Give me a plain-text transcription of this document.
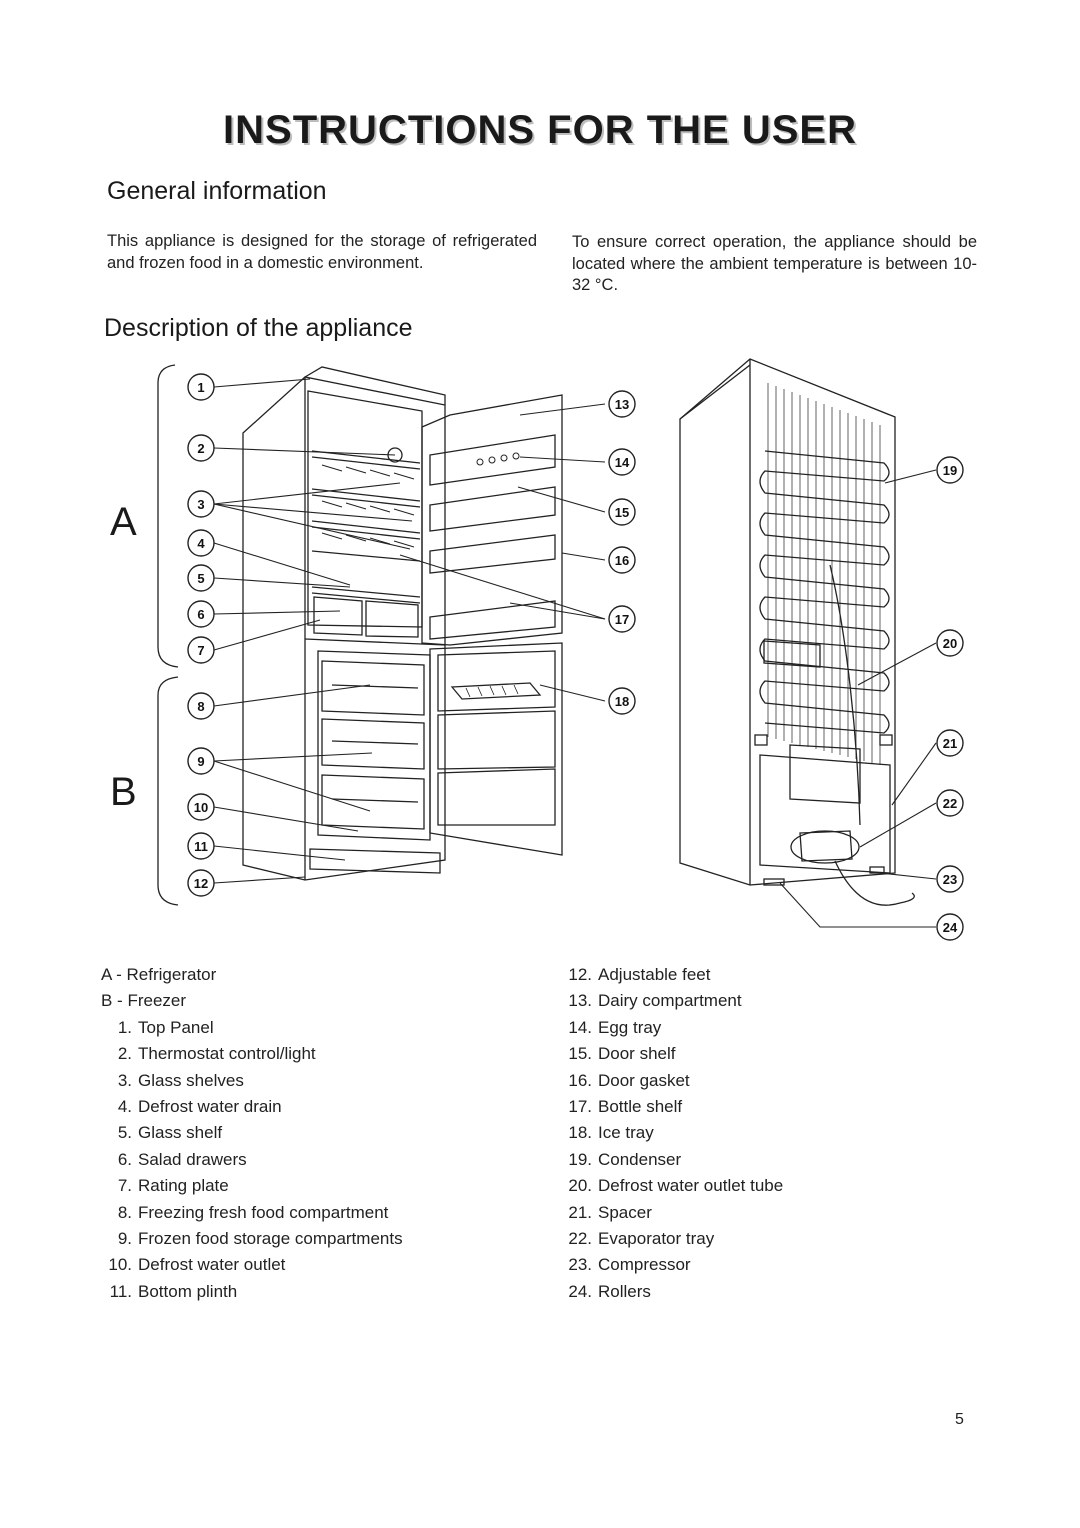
INSTRUCTIONS FOR THE USER
General information
This appliance is designed for the storage of refrigerated and frozen food in a domestic environment.
To ensure correct operation, the appliance should be located where the ambient temperature is between 10-32 °C.
Description of the appliance
A
B
1
2
3
4
5
6
7
8
9
10
11
12
13
14
15
16
17
18
19
20
21
22
23
24
A - Refrigerator
B - Freezer
1. Top Panel
2. Thermostat control/light
3. Glass shelves
4. Defrost water drain
5. Glass shelf
6. Salad drawers
7. Rating plate
8. Freezing fresh food compartment
9. Frozen food storage compartments
10. Defrost water outlet
11. Bottom plinth
12. Adjustable feet
13. Dairy compartment
14. Egg tray
15. Door shelf
16. Door gasket
17. Bottle shelf
18. Ice tray
19. Condenser
20. Defrost water outlet tube
21. Spacer
22. Evaporator tray
23. Compressor
24. Rollers
5
